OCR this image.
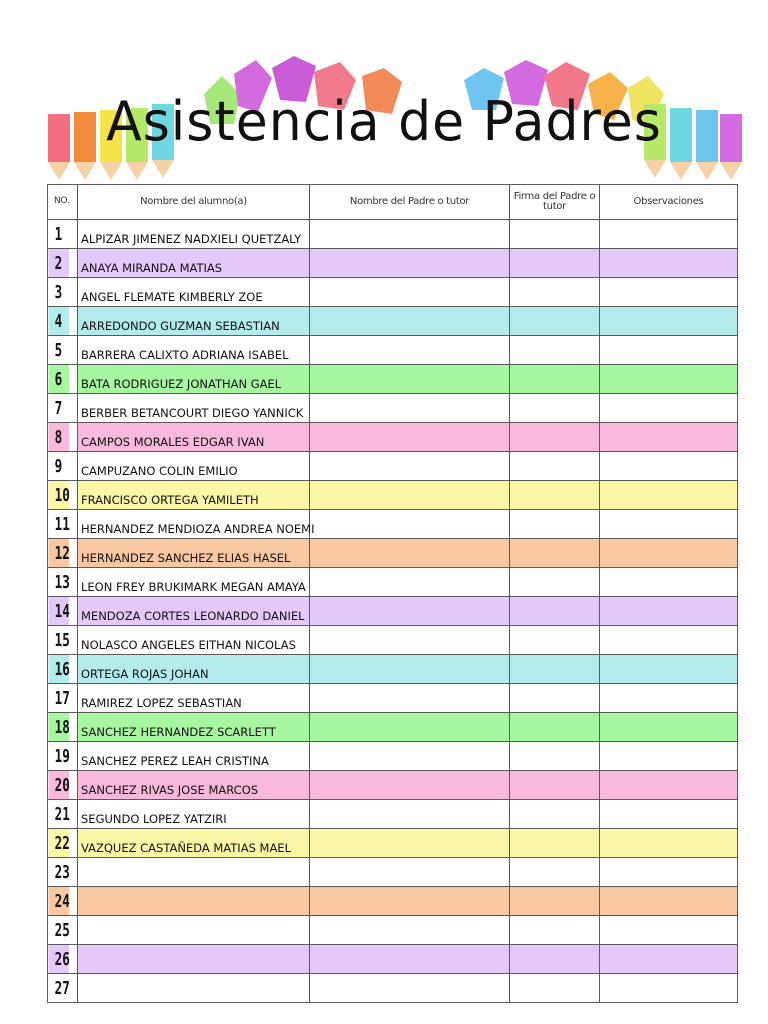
Asistencia de Padres
NO.	Nombre del alumno(a)	Nombre del Padre o tutor	Firma del Padre o tutor	Observaciones
1	ALPIZAR JIMENEZ NADXIELI QUETZALY			
2	ANAYA MIRANDA MATIAS			
3	ANGEL FLEMATE KIMBERLY ZOE			
4	ARREDONDO GUZMAN SEBASTIAN			
5	BARRERA CALIXTO ADRIANA ISABEL			
6	BATA RODRIGUEZ JONATHAN GAEL			
7	BERBER BETANCOURT DIEGO YANNICK			
8	CAMPOS MORALES EDGAR IVAN			
9	CAMPUZANO COLIN EMILIO			
10	FRANCISCO ORTEGA YAMILETH			
11	HERNANDEZ MENDIOZA ANDREA NOEMI			
12	HERNANDEZ SANCHEZ ELIAS HASEL			
13	LEON FREY BRUKIMARK MEGAN AMAYA			
14	MENDOZA CORTES LEONARDO DANIEL			
15	NOLASCO ANGELES EITHAN NICOLAS			
16	ORTEGA ROJAS JOHAN			
17	RAMIREZ LOPEZ SEBASTIAN			
18	SANCHEZ HERNANDEZ SCARLETT			
19	SANCHEZ PEREZ LEAH CRISTINA			
20	SANCHEZ RIVAS JOSE MARCOS			
21	SEGUNDO LOPEZ YATZIRI			
22	VAZQUEZ CASTAÑEDA MATIAS MAEL			
23				
24				
25				
26				
27				
